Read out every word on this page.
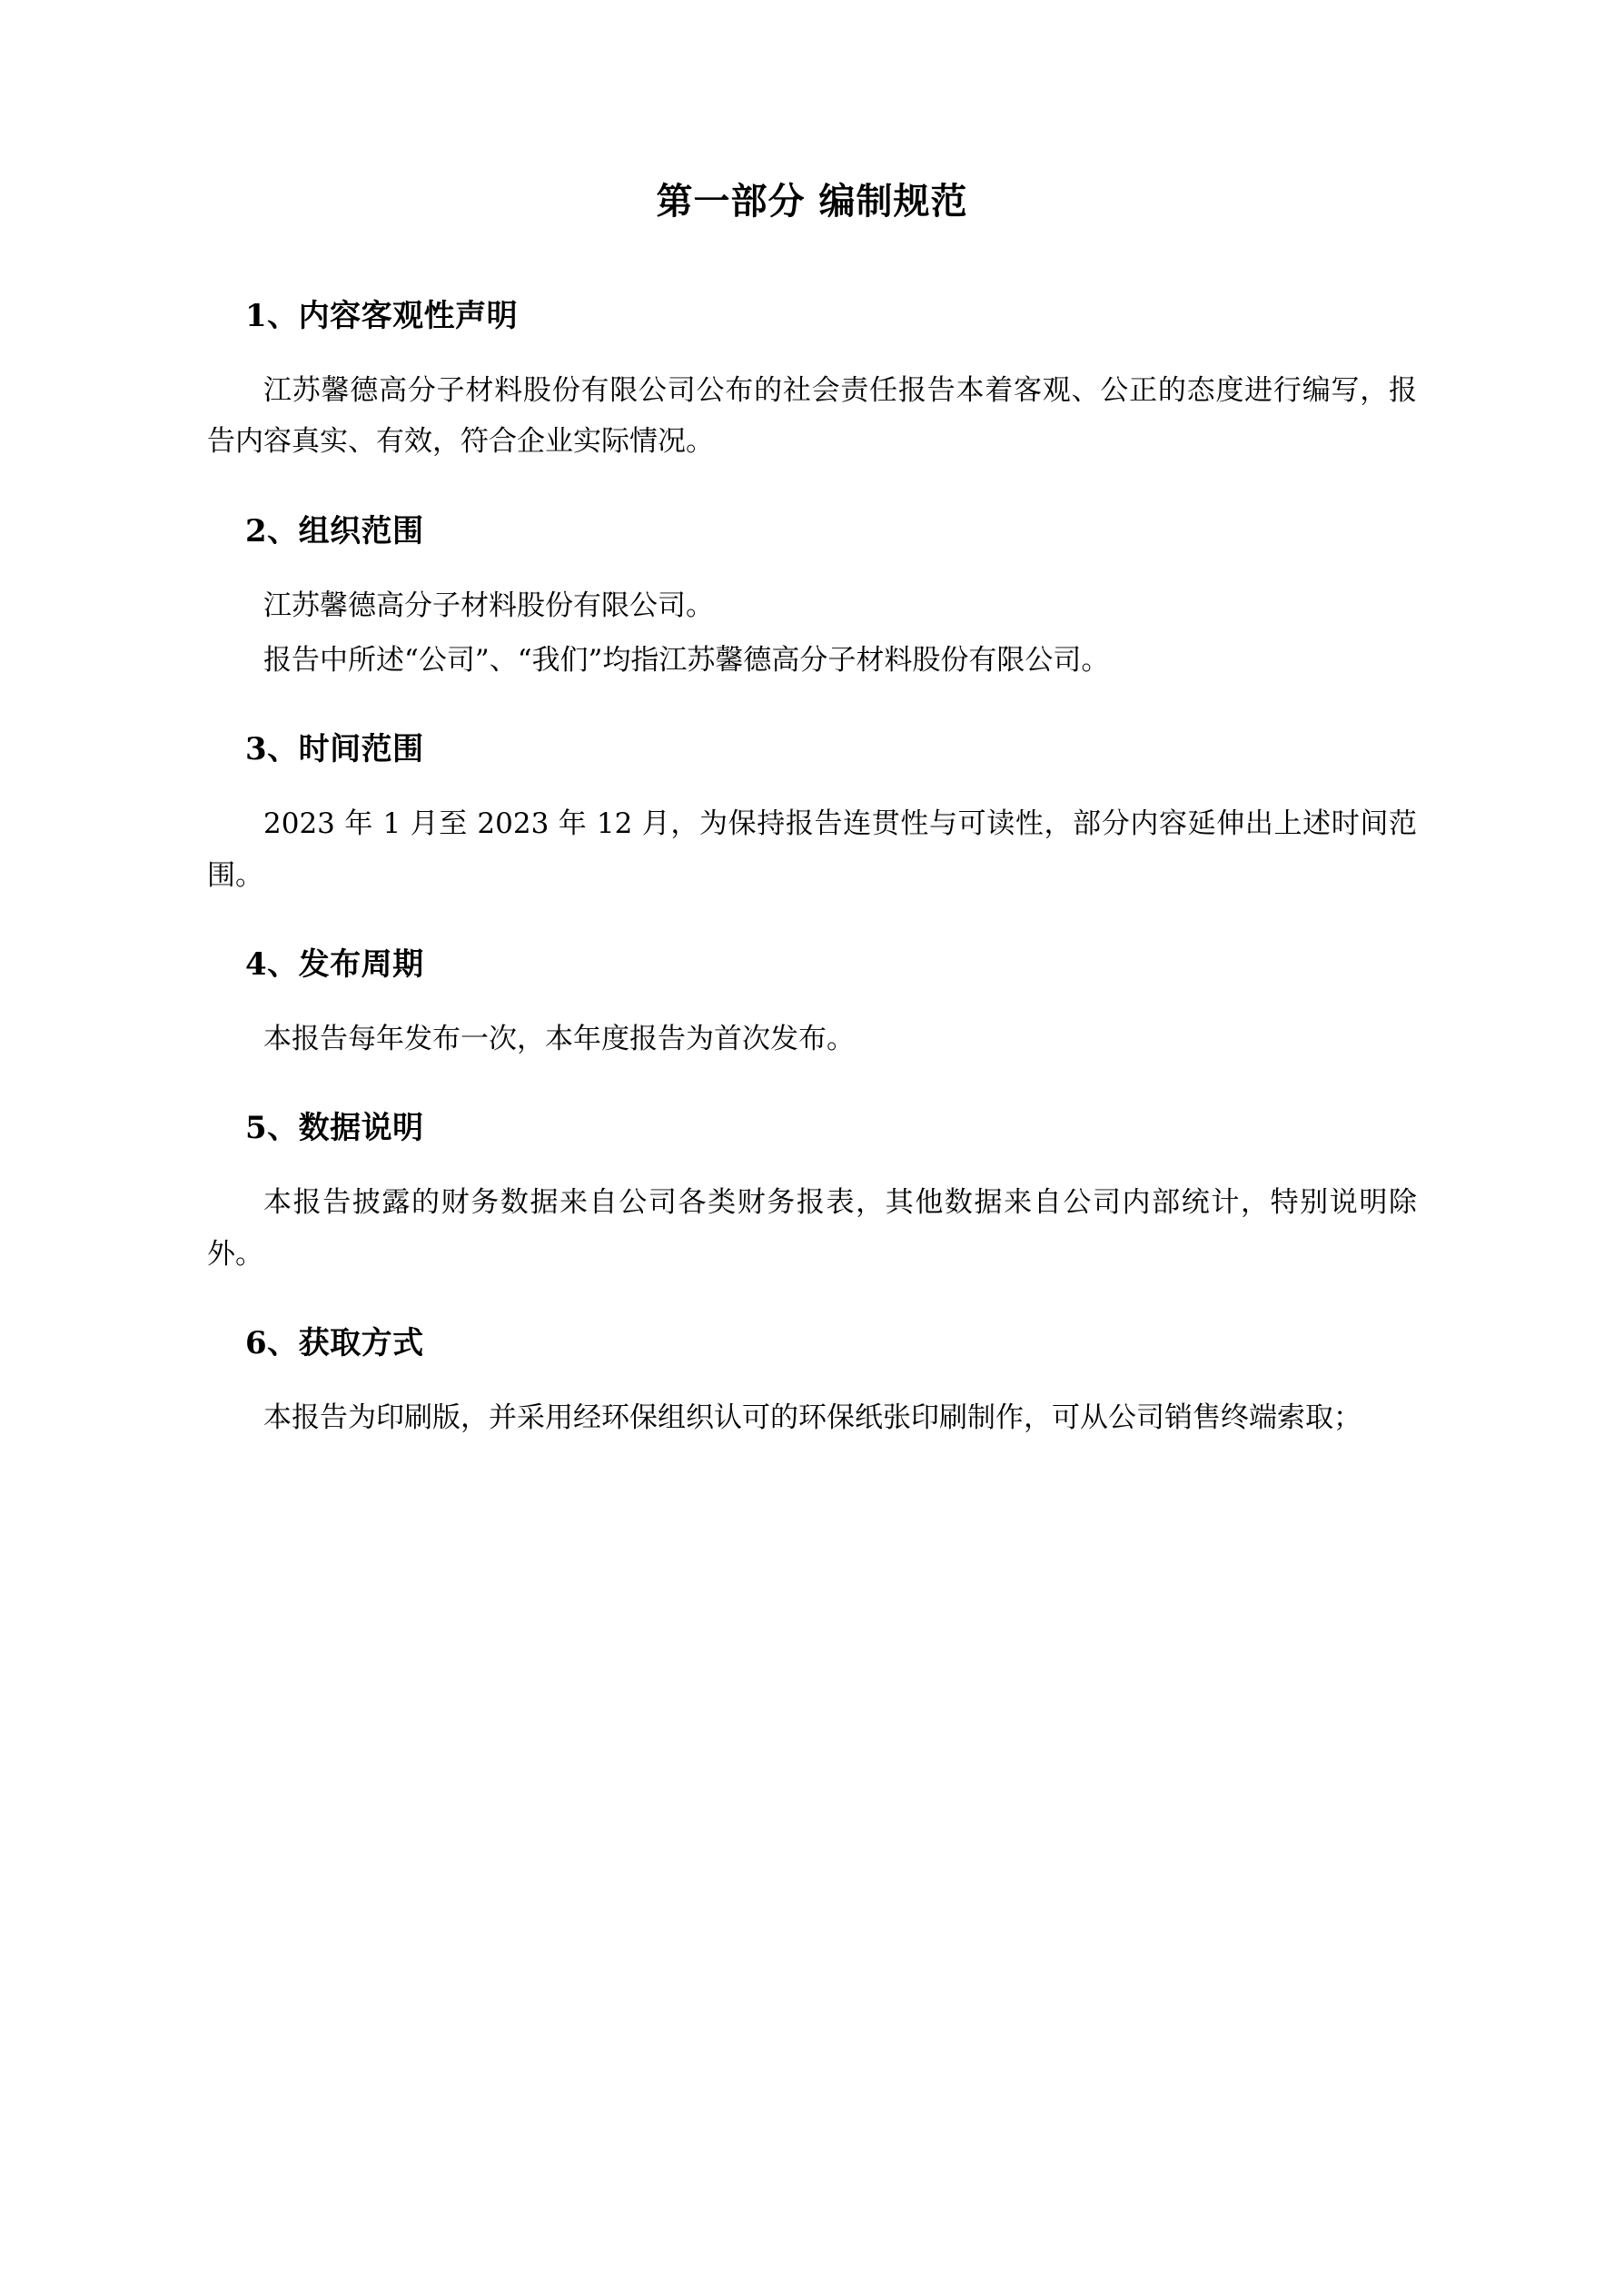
第一部分 编制规范
1、内容客观性声明

江苏馨德高分子材料股份有限公司公布的社会责任报告本着客观、公正的态度进行编写，报告内容真实、有效，符合企业实际情况。

2、组织范围

江苏馨德高分子材料股份有限公司。

报告中所述“公司”、“我们”均指江苏馨德高分子材料股份有限公司。

3、时间范围

2023 年 1 月至 2023 年 12 月，为保持报告连贯性与可读性，部分内容延伸出上述时间范围。

4、发布周期

本报告每年发布一次，本年度报告为首次发布。

5、数据说明

本报告披露的财务数据来自公司各类财务报表，其他数据来自公司内部统计，特别说明除外。

6、获取方式

本报告为印刷版，并采用经环保组织认可的环保纸张印刷制作，可从公司销售终端索取；
